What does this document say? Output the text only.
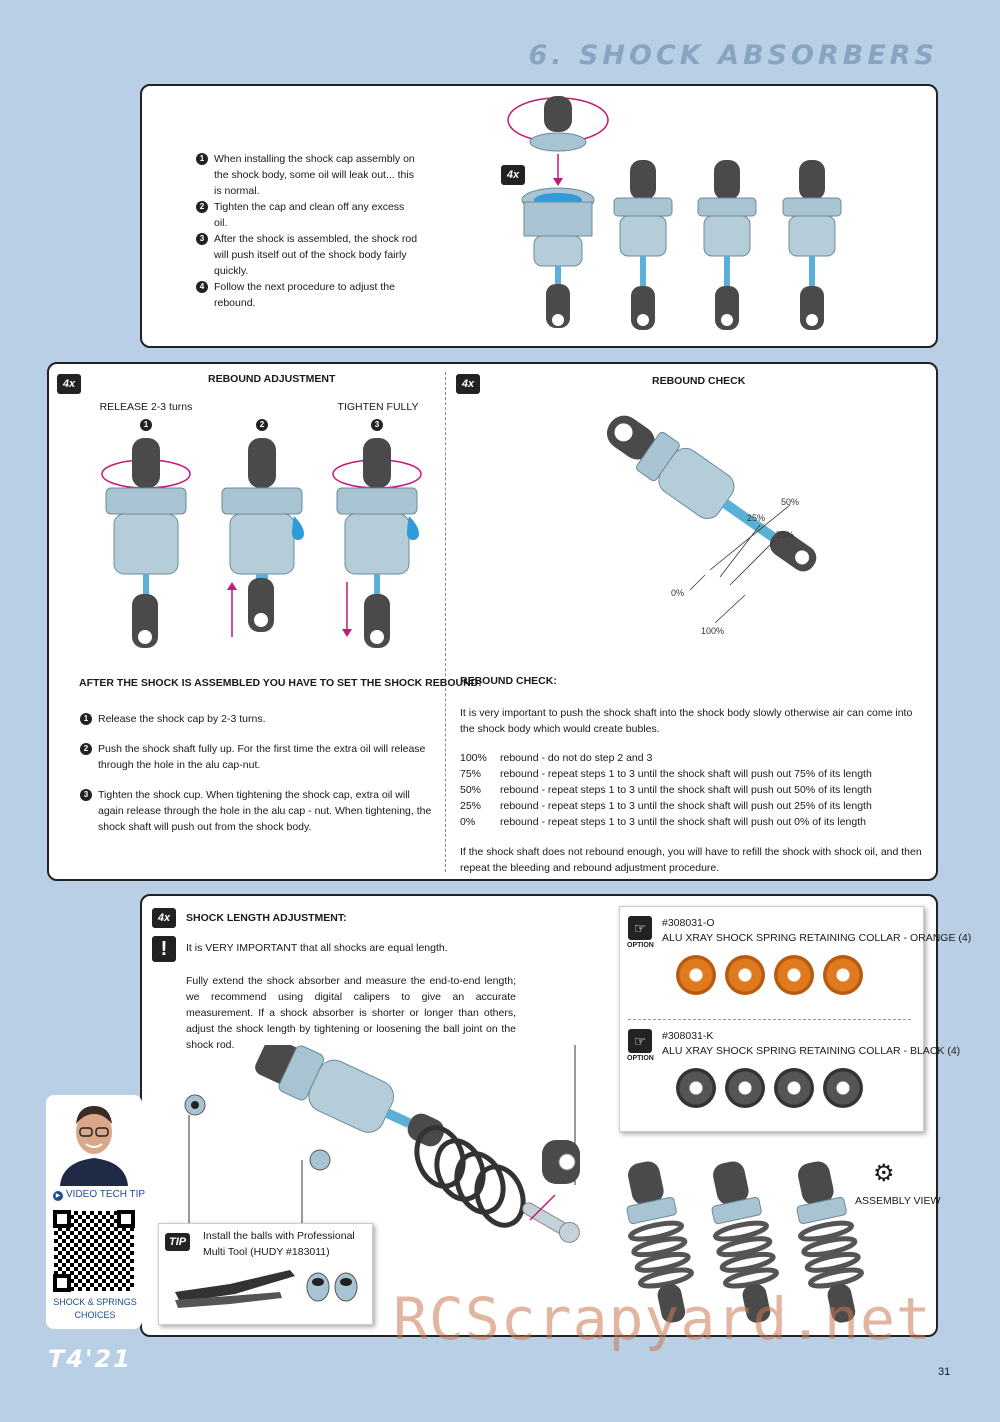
6. SHOCK ABSORBERS
1 When installing the shock cap assembly on the shock body, some oil will leak out... this is normal.
2 Tighten the cap and clean off any excess oil.
3 After the shock is assembled, the shock rod will push itself out of the shock body fairly quickly.
4 Follow the next procedure to adjust the rebound.
4x
4x	REBOUND ADJUSTMENT
RELEASE 2-3 turns	TIGHTEN FULLY
1	2	3
AFTER THE SHOCK IS ASSEMBLED YOU HAVE TO SET THE SHOCK REBOUND:
1 Release the shock cap by 2-3 turns.
2 Push the shock shaft fully up. For the first time the extra oil will release through the hole in the alu cap-nut.
3 Tighten the shock cup. When tightening the shock cap, extra oil will again release through the hole in the alu cap - nut. When tightening, the shock shaft will push out from the shock body.
4x	REBOUND CHECK
50%
25%
75%
0%
100%
REBOUND CHECK:
It is very important to push the shock shaft into the shock body slowly otherwise air can come into the shock body which would create bubles.
100%	rebound - do not do step 2 and 3
75%	rebound - repeat steps 1 to 3 until the shock shaft will push out 75% of its length
50%	rebound - repeat steps 1 to 3 until the shock shaft will push out 50% of its length
25%	rebound - repeat steps 1 to 3 until the shock shaft will push out 25% of its length
0%	rebound - repeat steps 1 to 3 until the shock shaft will push out 0% of its length
If the shock shaft does not rebound enough, you will have to refill the shock with shock oil, and then repeat the bleeding and rebound adjustment procedure.
4x	SHOCK LENGTH ADJUSTMENT:
!	It is VERY IMPORTANT that all shocks are equal length.
Fully extend the shock absorber and measure the end-to-end length; we recommend using digital calipers to give an accurate measurement. If a shock absorber is shorter or longer than others, adjust the shock length by tightening or loosening the ball joint on the shock rod.
☞
OPTION
#308031-O
ALU XRAY SHOCK SPRING RETAINING COLLAR - ORANGE (4)
☞
OPTION
#308031-K
ALU XRAY SHOCK SPRING RETAINING COLLAR - BLACK (4)
⚙
ASSEMBLY VIEW
TIP	Install the balls with Professional Multi Tool (HUDY #183011)
▶ VIDEO TECH TIP
SHOCK & SPRINGS CHOICES
T4'21	31
RCScrapyard.net
